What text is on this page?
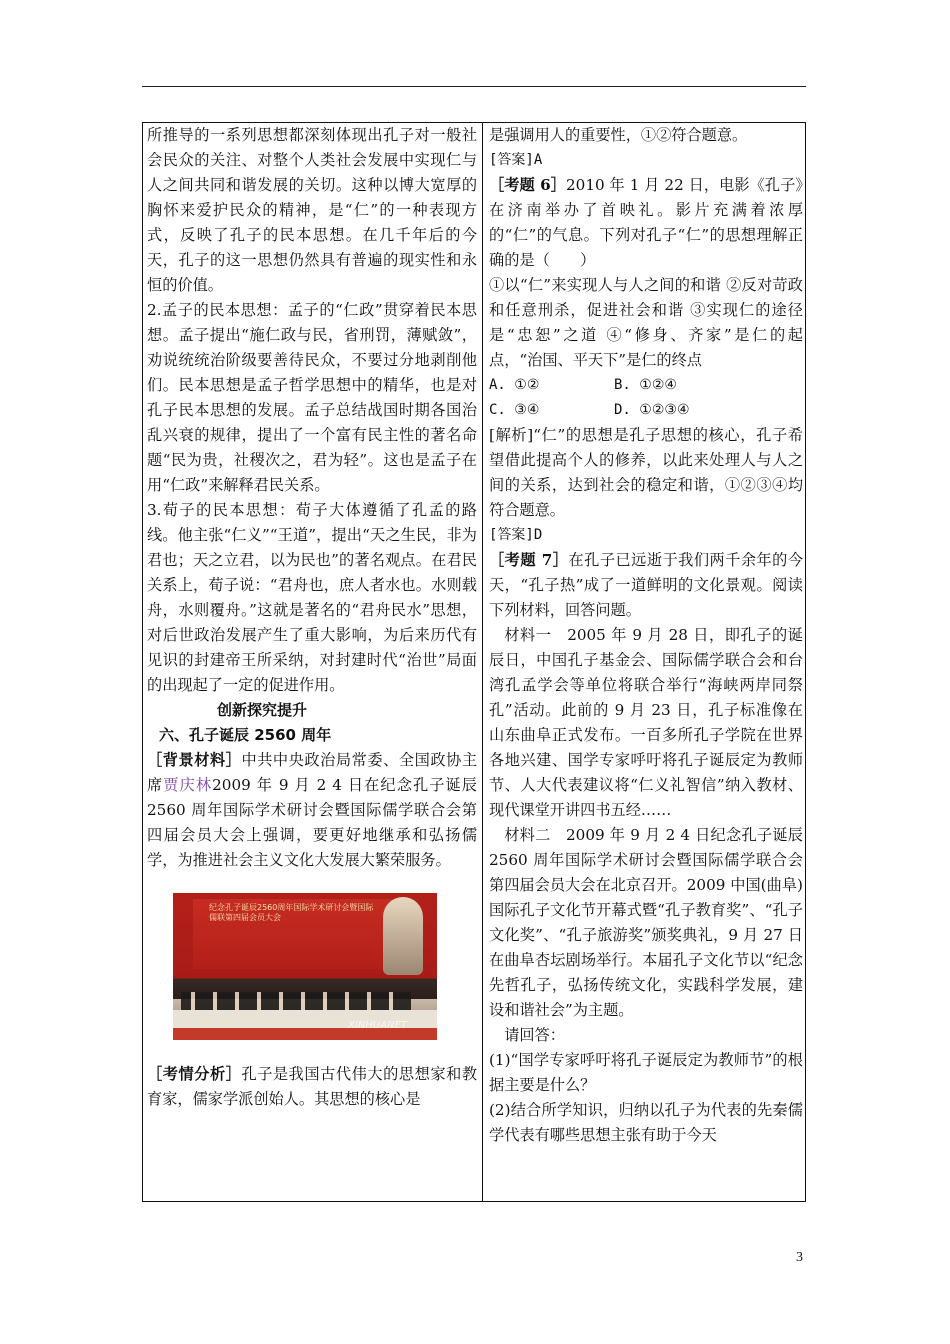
所推导的一系列思想都深刻体现出孔子对一般社会民众的关注、对整个人类社会发展中实现仁与人之间共同和谐发展的关切。这种以博大宽厚的胸怀来爱护民众的精神，是“仁”的一种表现方式，反映了孔子的民本思想。在几千年后的今天，孔子的这一思想仍然具有普遍的现实性和永恒的价值。

2.孟子的民本思想：孟子的“仁政”贯穿着民本思想。孟子提出“施仁政与民，省刑罚，薄赋敛”，劝说统统治阶级要善待民众，不要过分地剥削他们。民本思想是孟子哲学思想中的精华，也是对孔子民本思想的发展。孟子总结战国时期各国治乱兴衰的规律，提出了一个富有民主性的著名命题“民为贵，社稷次之，君为轻”。这也是孟子在用“仁政”来解释君民关系。

3.荀子的民本思想：荀子大体遵循了孔孟的路线。他主张“仁义”“王道”，提出“天之生民，非为君也；天之立君，以为民也”的著名观点。在君民关系上，荀子说：“君舟也，庶人者水也。水则载舟，水则覆舟。”这就是著名的“君舟民水”思想，对后世政治发展产生了重大影响，为后来历代有见识的封建帝王所采纳，对封建时代“治世”局面的出现起了一定的促进作用。

创新探究提升

六、孔子诞辰 2560 周年

［背景材料］中共中央政治局常委、全国政协主席贾庆林2009 年 9 月 2 4 日在纪念孔子诞辰 2560 周年国际学术研讨会暨国际儒学联合会第四届会员大会上强调，要更好地继承和弘扬儒学，为推进社会主义文化大发展大繁荣服务。

纪念孔子诞辰2560周年国际学术研讨会暨国际儒联第四届会员大会
XINHUANET

［考情分析］孔子是我国古代伟大的思想家和教育家，儒家学派创始人。其思想的核心是

是强调用人的重要性，①②符合题意。

[答案]A

［考题 6］2010 年 1 月 22 日，电影《孔子》在济南举办了首映礼。影片充满着浓厚的“仁”的气息。下列对孔子“仁”的思想理解正确的是（　　）

①以“仁”来实现人与人之间的和谐 ②反对苛政和任意刑杀，促进社会和谐 ③实现仁的途径是“忠恕”之道 ④“修身、齐家”是仁的起点，“治国、平天下”是仁的终点

A. ①②	B. ①②④
C. ③④	D. ①②③④

[解析]“仁”的思想是孔子思想的核心，孔子希望借此提高个人的修养，以此来处理人与人之间的关系，达到社会的稳定和谐，①②③④均符合题意。

[答案]D

［考题 7］在孔子已远逝于我们两千余年的今天，“孔子热”成了一道鲜明的文化景观。阅读下列材料，回答问题。

材料一　2005 年 9 月 28 日，即孔子的诞辰日，中国孔子基金会、国际儒学联合会和台湾孔孟学会等单位将联合举行“海峡两岸同祭孔”活动。此前的 9 月 23 日，孔子标准像在山东曲阜正式发布。一百多所孔子学院在世界各地兴建、国学专家呼吁将孔子诞辰定为教师节、人大代表建议将“仁义礼智信”纳入教材、现代课堂开讲四书五经……

材料二　2009 年 9 月 2 4 日纪念孔子诞辰 2560 周年国际学术研讨会暨国际儒学联合会第四届会员大会在北京召开。2009 中国(曲阜)国际孔子文化节开幕式暨“孔子教育奖”、“孔子文化奖”、“孔子旅游奖”颁奖典礼，9 月 27 日在曲阜杏坛剧场举行。本届孔子文化节以“纪念先哲孔子，弘扬传统文化，实践科学发展，建设和谐社会”为主题。

请回答：

(1)“国学专家呼吁将孔子诞辰定为教师节”的根据主要是什么？

(2)结合所学知识，归纳以孔子为代表的先秦儒学代表有哪些思想主张有助于今天

3
